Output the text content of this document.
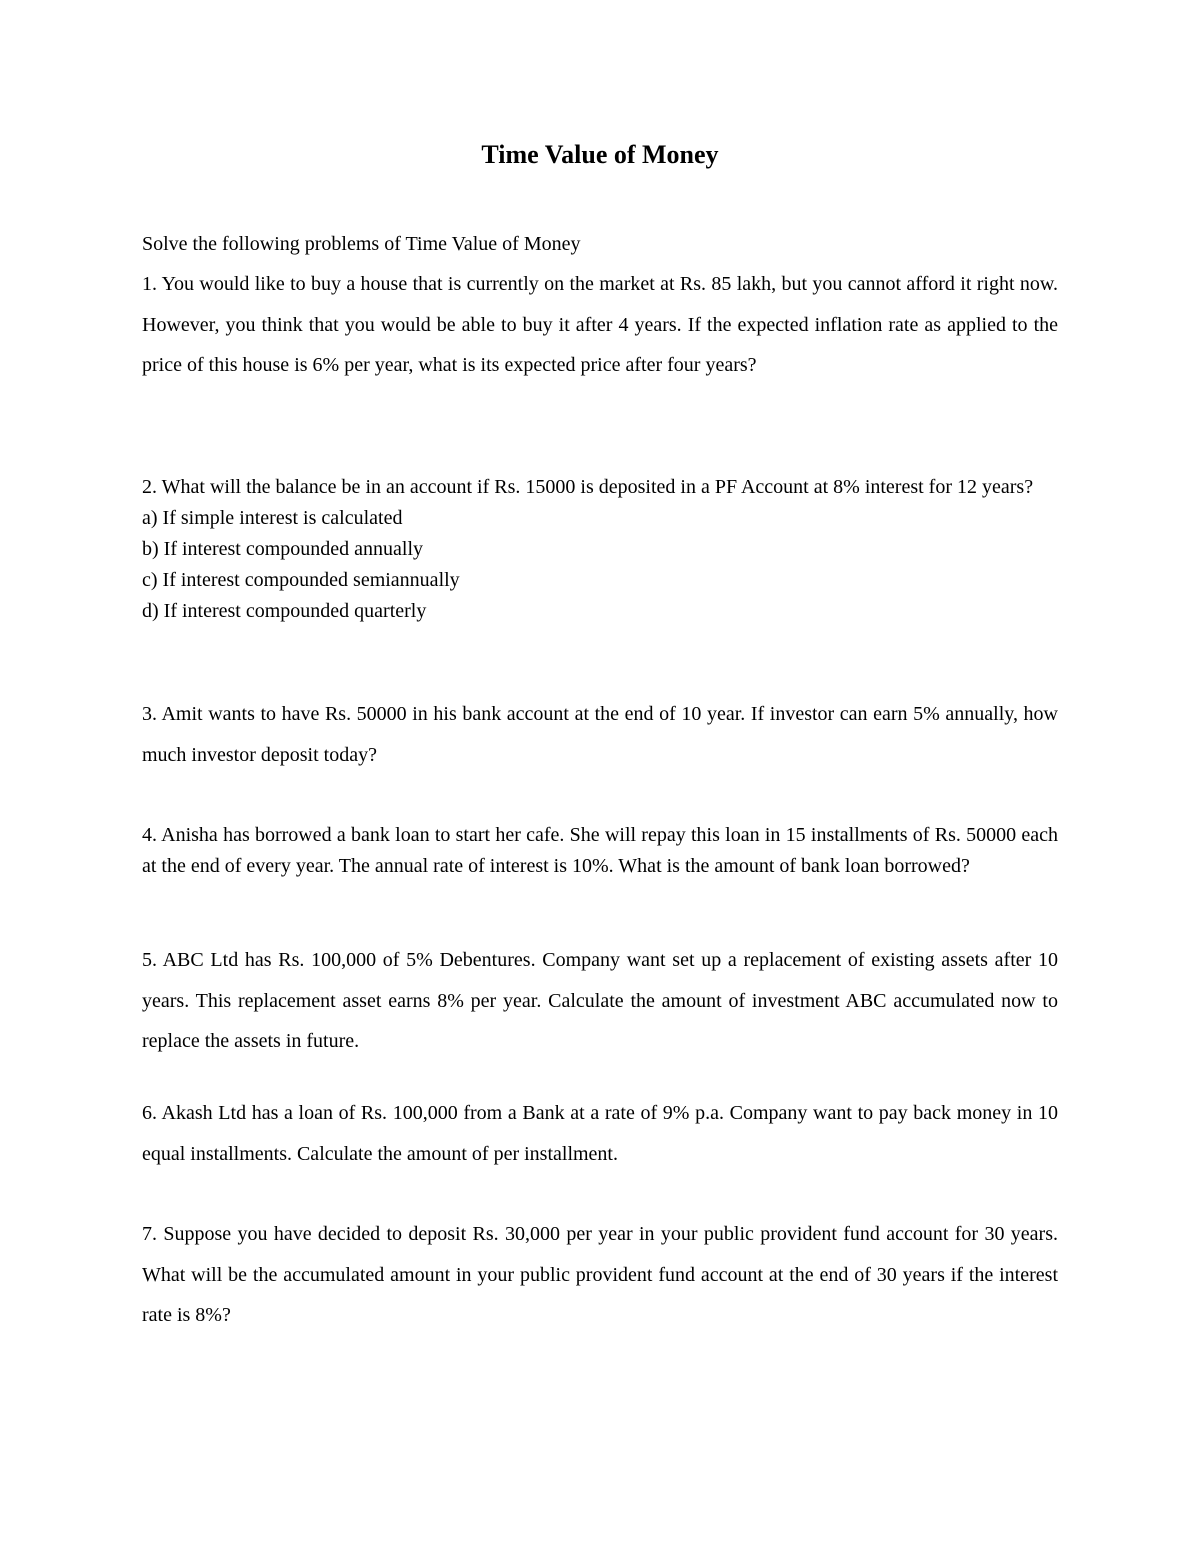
Time Value of Money

Solve the following problems of Time Value of Money

1. You would like to buy a house that is currently on the market at Rs. 85 lakh, but you cannot afford it right now. However, you think that you would be able to buy it after 4 years. If the expected inflation rate as applied to the price of this house is 6% per year, what is its expected price after four years?

2. What will the balance be in an account if Rs. 15000 is deposited in a PF Account at 8% interest for 12 years?
a) If simple interest is calculated
b) If interest compounded annually
c) If interest compounded semiannually
d) If interest compounded quarterly

3. Amit wants to have Rs. 50000 in his bank account at the end of 10 year. If investor can earn 5% annually, how much investor deposit today?

4. Anisha has borrowed a bank loan to start her cafe. She will repay this loan in 15 installments of Rs. 50000 each at the end of every year. The annual rate of interest is 10%. What is the amount of bank loan borrowed?

5. ABC Ltd has Rs. 100,000 of 5% Debentures. Company want set up a replacement of existing assets after 10 years. This replacement asset earns 8% per year. Calculate the amount of investment ABC accumulated now to replace the assets in future.

6. Akash Ltd has a loan of Rs. 100,000 from a Bank at a rate of 9% p.a. Company want to pay back money in 10 equal installments. Calculate the amount of per installment.

7. Suppose you have decided to deposit Rs. 30,000 per year in your public provident fund account for 30 years. What will be the accumulated amount in your public provident fund account at the end of 30 years if the interest rate is 8%?
